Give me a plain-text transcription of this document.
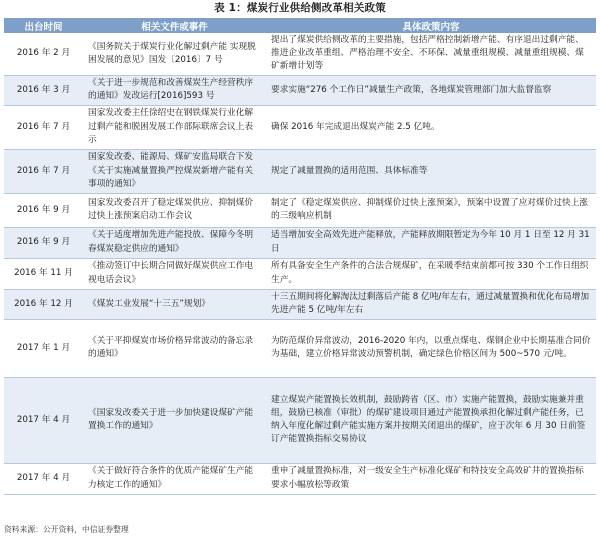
表 1：煤炭行业供给侧改革相关政策
出台时间	相关文件或事件	具体政策内容
2016 年 2 月	《国务院关于煤炭行业化解过剩产能 实现脱困发展的意见》国发〔2016〕7 号	提出了煤炭供给侧改革的主要措施，包括严格控制新增产能、有序退出过剩产能、推进企业改革重组、严格治理不安全、不环保、减量重组规模、减量重组规模、煤矿新增计划等
2016 年 3 月	《关于进一步规范和改善煤炭生产经营秩序的通知》发改运行[2016]593 号	要求实施“276 个工作日”减量生产政策，各地煤炭管理部门加大监督监察
2016 年 7 月	国家发改委主任徐绍史在钢铁煤炭行业化解过剩产能和脱困发展工作部际联席会议上表示	确保 2016 年完成退出煤炭产能 2.5 亿吨。
2016 年 7 月	国家发改委、能源局、煤矿安监局联合下发《关于实施减量置换严控煤炭新增产能有关事项的通知》	规定了减量置换的适用范围、具体标准等
2016 年 9 月	国家发改委召开了稳定煤炭供应、抑制煤价过快上涨预案启动工作会议	制定了《稳定煤炭供应、抑制煤价过快上涨预案》，预案中设置了应对煤价过快上涨的三级响应机制
2016 年 9 月	《关于适度增加先进产能投放、保障今冬明春煤炭稳定供应的通知》	适当增加安全高效先进产能释放，产能释放期限暂定为今年 10 月 1 日至 12 月 31 日
2016 年 11 月	《推动签订中长期合同做好煤炭供应工作电视电话会议》	所有具备安全生产条件的合法合规煤矿，在采暖季结束前都可按 330 个工作日组织生产。
2016 年 12 月	《煤炭工业发展“十三五”规划》	十三五期间将化解淘汰过剩落后产能 8 亿吨/年左右，通过减量置换和优化布局增加先进产能 5 亿吨/年左右
2017 年 1 月	《关于平抑煤炭市场价格异常波动的备忘录的通知》	为防范煤价异常波动，2016-2020 年内，以重点煤电、煤钢企业中长期基准合同价为基础，建立价格异常波动预警机制，确定绿色价格区间为 500~570 元/吨。
2017 年 4 月	《国家发改委关于进一步加快建设煤矿产能置换工作的通知》	建立煤炭产能置换长效机制，鼓励跨省（区、市）实施产能置换，鼓励实施兼并重组，鼓励已核准（审批）的煤矿建设项目通过产能置换承担化解过剩产能任务，已纳入年度化解过剩产能实施方案并按期关闭退出的煤矿，应于次年 6 月 30 日前签订产能置换指标交易协议
2017 年 4 月	《关于做好符合条件的优质产能煤矿生产能力核定工作的通知》	重申了减量置换标准，对一级安全生产标准化煤矿和特技安全高效矿井的置换指标要求小幅放松等政策
资料来源：公开资料，中信证券整理
